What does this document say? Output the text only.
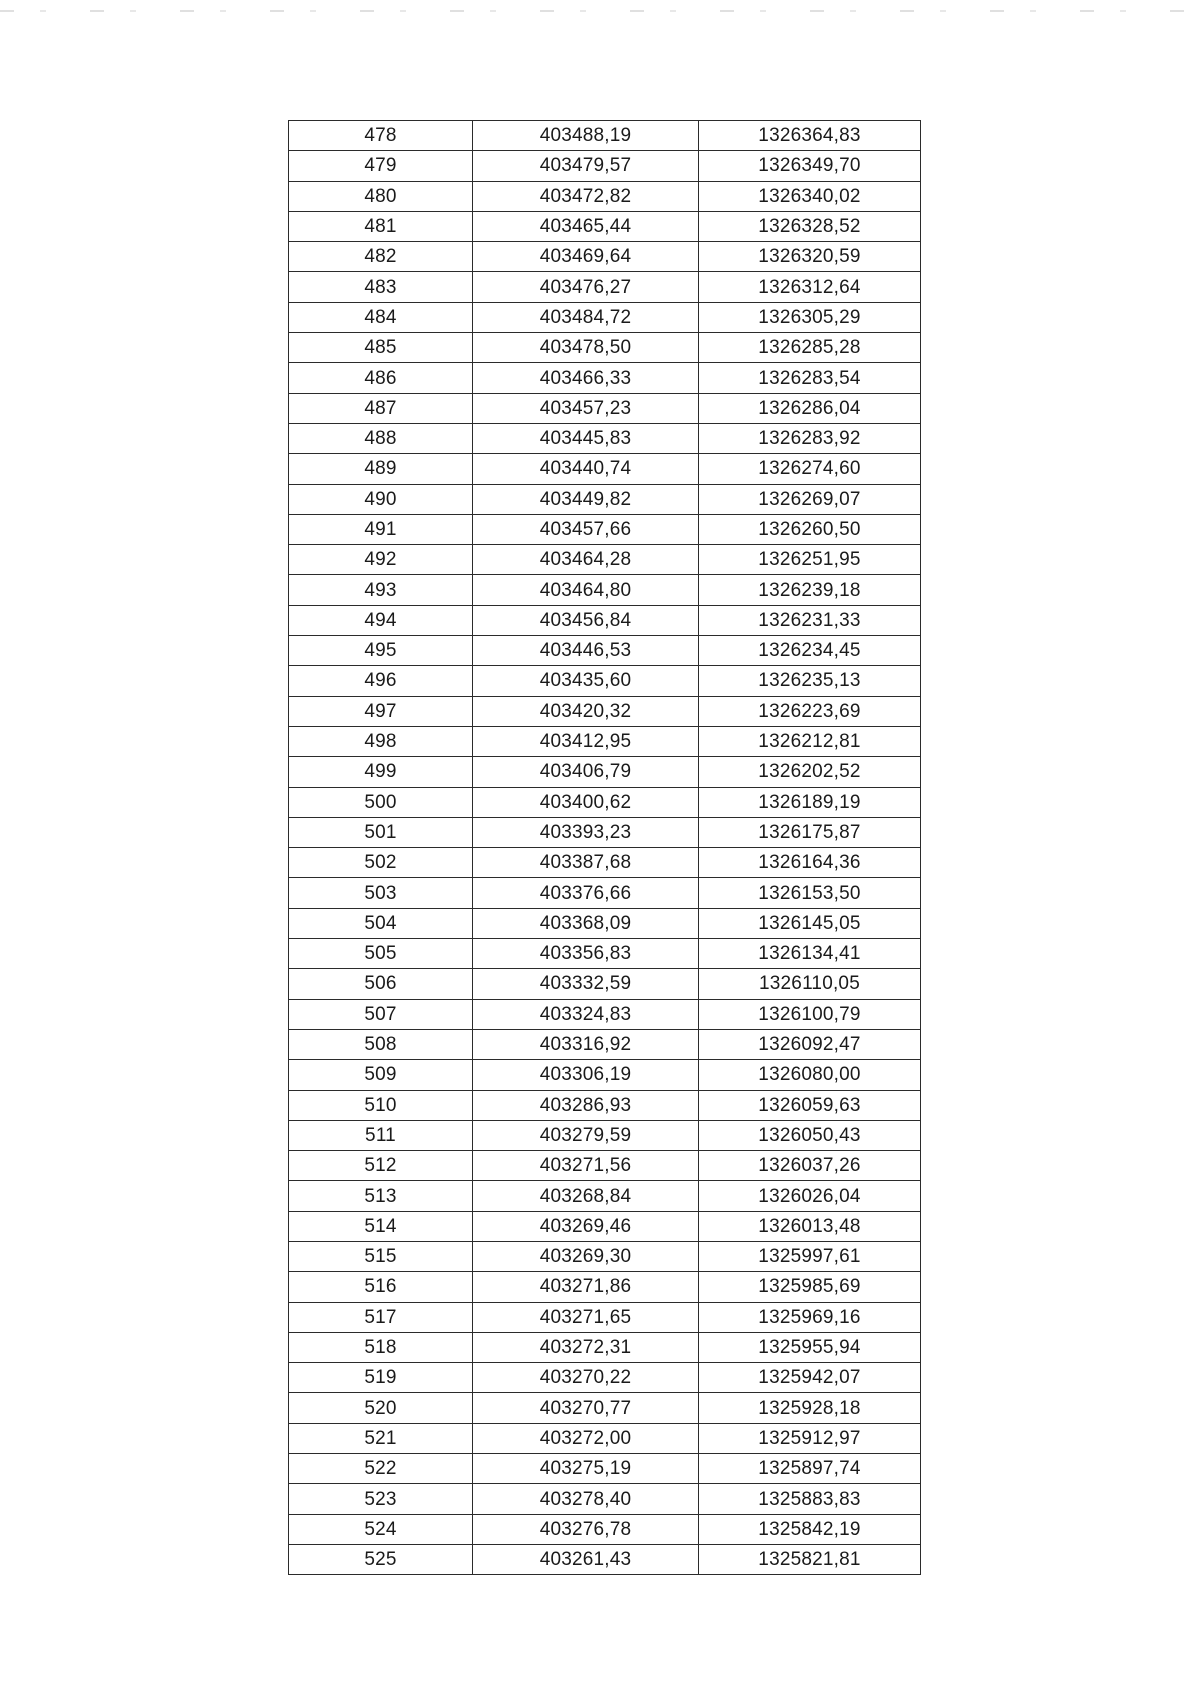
478	403488,19	1326364,83
479	403479,57	1326349,70
480	403472,82	1326340,02
481	403465,44	1326328,52
482	403469,64	1326320,59
483	403476,27	1326312,64
484	403484,72	1326305,29
485	403478,50	1326285,28
486	403466,33	1326283,54
487	403457,23	1326286,04
488	403445,83	1326283,92
489	403440,74	1326274,60
490	403449,82	1326269,07
491	403457,66	1326260,50
492	403464,28	1326251,95
493	403464,80	1326239,18
494	403456,84	1326231,33
495	403446,53	1326234,45
496	403435,60	1326235,13
497	403420,32	1326223,69
498	403412,95	1326212,81
499	403406,79	1326202,52
500	403400,62	1326189,19
501	403393,23	1326175,87
502	403387,68	1326164,36
503	403376,66	1326153,50
504	403368,09	1326145,05
505	403356,83	1326134,41
506	403332,59	1326110,05
507	403324,83	1326100,79
508	403316,92	1326092,47
509	403306,19	1326080,00
510	403286,93	1326059,63
511	403279,59	1326050,43
512	403271,56	1326037,26
513	403268,84	1326026,04
514	403269,46	1326013,48
515	403269,30	1325997,61
516	403271,86	1325985,69
517	403271,65	1325969,16
518	403272,31	1325955,94
519	403270,22	1325942,07
520	403270,77	1325928,18
521	403272,00	1325912,97
522	403275,19	1325897,74
523	403278,40	1325883,83
524	403276,78	1325842,19
525	403261,43	1325821,81
